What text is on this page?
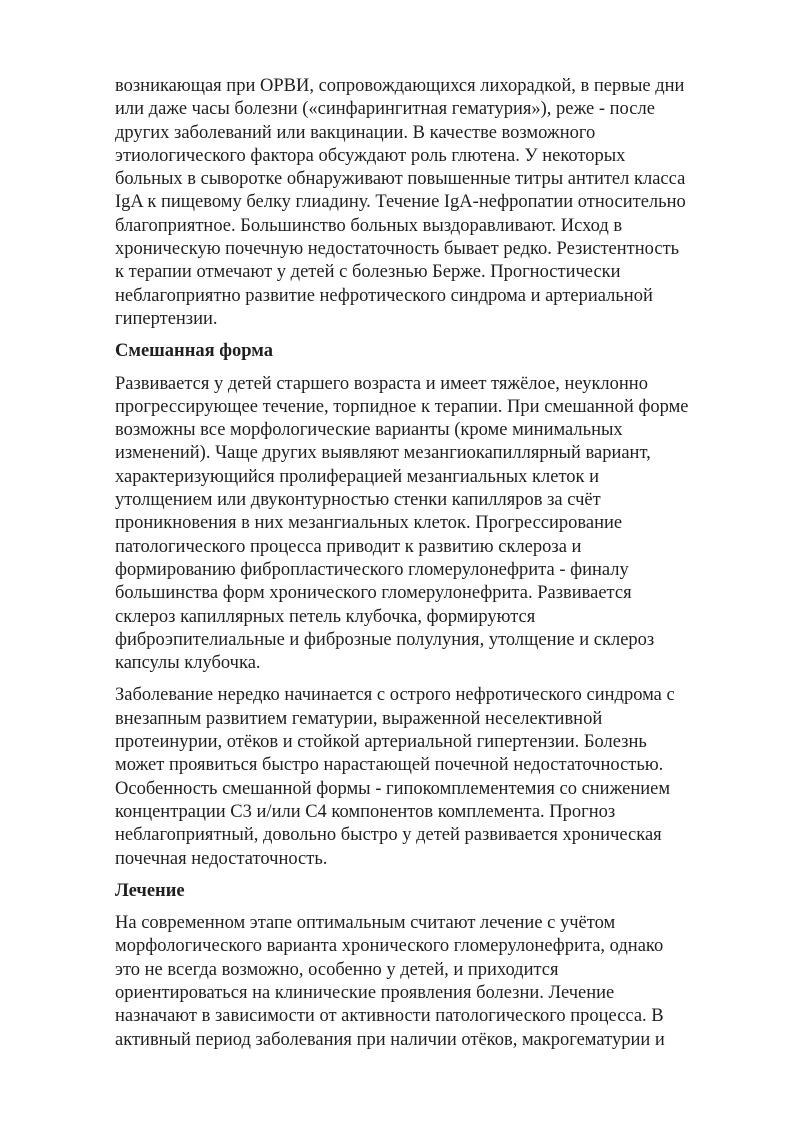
возникающая при ОРВИ, сопровождающихся лихорадкой, в первые дни
или даже часы болезни («синфарингитная гематурия»), реже - после
других заболеваний или вакцинации. В качестве возможного
этиологического фактора обсуждают роль глютена. У некоторых
больных в сыворотке обнаруживают повышенные титры антител класса
IgA к пищевому белку глиадину. Течение IgA-нефропатии относительно
благоприятное. Большинство больных выздоравливают. Исход в
хроническую почечную недостаточность бывает редко. Резистентность
к терапии отмечают у детей с болезнью Берже. Прогностически
неблагоприятно развитие нефротического синдрома и артериальной
гипертензии.
Смешанная форма
Развивается у детей старшего возраста и имеет тяжёлое, неуклонно
прогрессирующее течение, торпидное к терапии. При смешанной форме
возможны все морфологические варианты (кроме минимальных
изменений). Чаще других выявляют мезангиокапиллярный вариант,
характеризующийся пролиферацией мезангиальных клеток и
утолщением или двуконтурностью стенки капилляров за счёт
проникновения в них мезангиальных клеток. Прогрессирование
патологического процесса приводит к развитию склероза и
формированию фибропластического гломерулонефрита - финалу
большинства форм хронического гломерулонефрита. Развивается
склероз капиллярных петель клубочка, формируются
фиброэпителиальные и фиброзные полулуния, утолщение и склероз
капсулы клубочка.
Заболевание нередко начинается с острого нефротического синдрома с
внезапным развитием гематурии, выраженной неселективной
протеинурии, отёков и стойкой артериальной гипертензии. Болезнь
может проявиться быстро нарастающей почечной недостаточностью.
Особенность смешанной формы - гипокомплементемия со снижением
концентрации С3 и/или С4 компонентов комплемента. Прогноз
неблагоприятный, довольно быстро у детей развивается хроническая
почечная недостаточность.
Лечение
На современном этапе оптимальным считают лечение с учётом
морфологического варианта хронического гломерулонефрита, однако
это не всегда возможно, особенно у детей, и приходится
ориентироваться на клинические проявления болезни. Лечение
назначают в зависимости от активности патологического процесса. В
активный период заболевания при наличии отёков, макрогематурии и
